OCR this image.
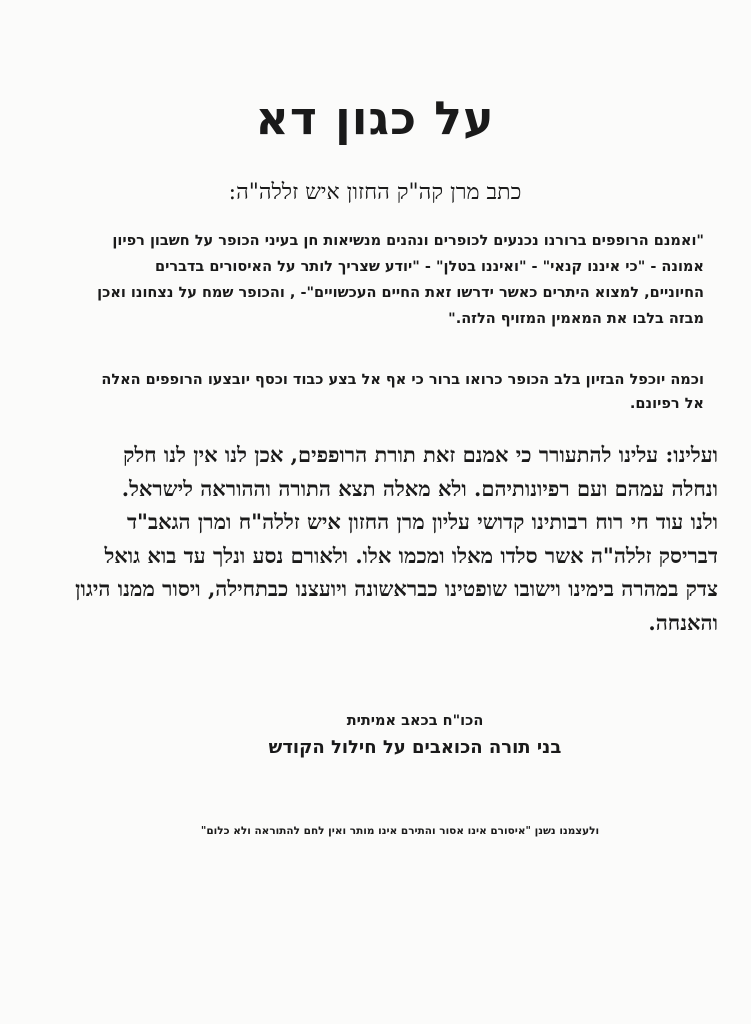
על כגון דא
כתב מרן קה"ק החזון איש זללה"ה:
"ואמנם הרופפים ברורנו נכנעים לכופרים ונהנים מנשיאות חן בעיני הכופר על חשבון רפיון אמונה - "כי איננו קנאי" - "ואיננו בטלן" - "יודע שצריך לותר על האיסורים בדברים החיוניים, למצוא היתרים כאשר ידרשו זאת החיים העכשויים"- , והכופר שמח על נצחונו ואכן מבזה בלבו את המאמין המזויף הלזה."
וכמה יוכפל הבזיון בלב הכופר כרואו ברור כי אף אל בצע כבוד וכסף יובצעו הרופפים האלה אל רפיונם.

ועלינו: עלינו להתעורר כי אמנם זאת תורת הרופפים, אכן לנו אין לנו חלק ונחלה עמהם ועם רפיונותיהם. ולא מאלה תצא התורה וההוראה לישראל.

ולנו עוד חי רוח רבותינו קדושי עליון מרן החזון איש זללה"ח ומרן הגאב"ד דבריסק זללה"ה אשר סלדו מאלו ומכמו אלו. ולאורם נסע ונלך עד בוא גואל צדק במהרה בימינו וישובו שופטינו כבראשונה ויועצנו כבתחילה, ויסור ממנו היגון והאנחה.

הכו"ח בכאב אמיתית
בני תורה הכואבים על חילול הקודש
ולעצמנו נשנן "איסורם אינו אסור והתירם אינו מותר ואין לחם להתוראה ולא כלום"
